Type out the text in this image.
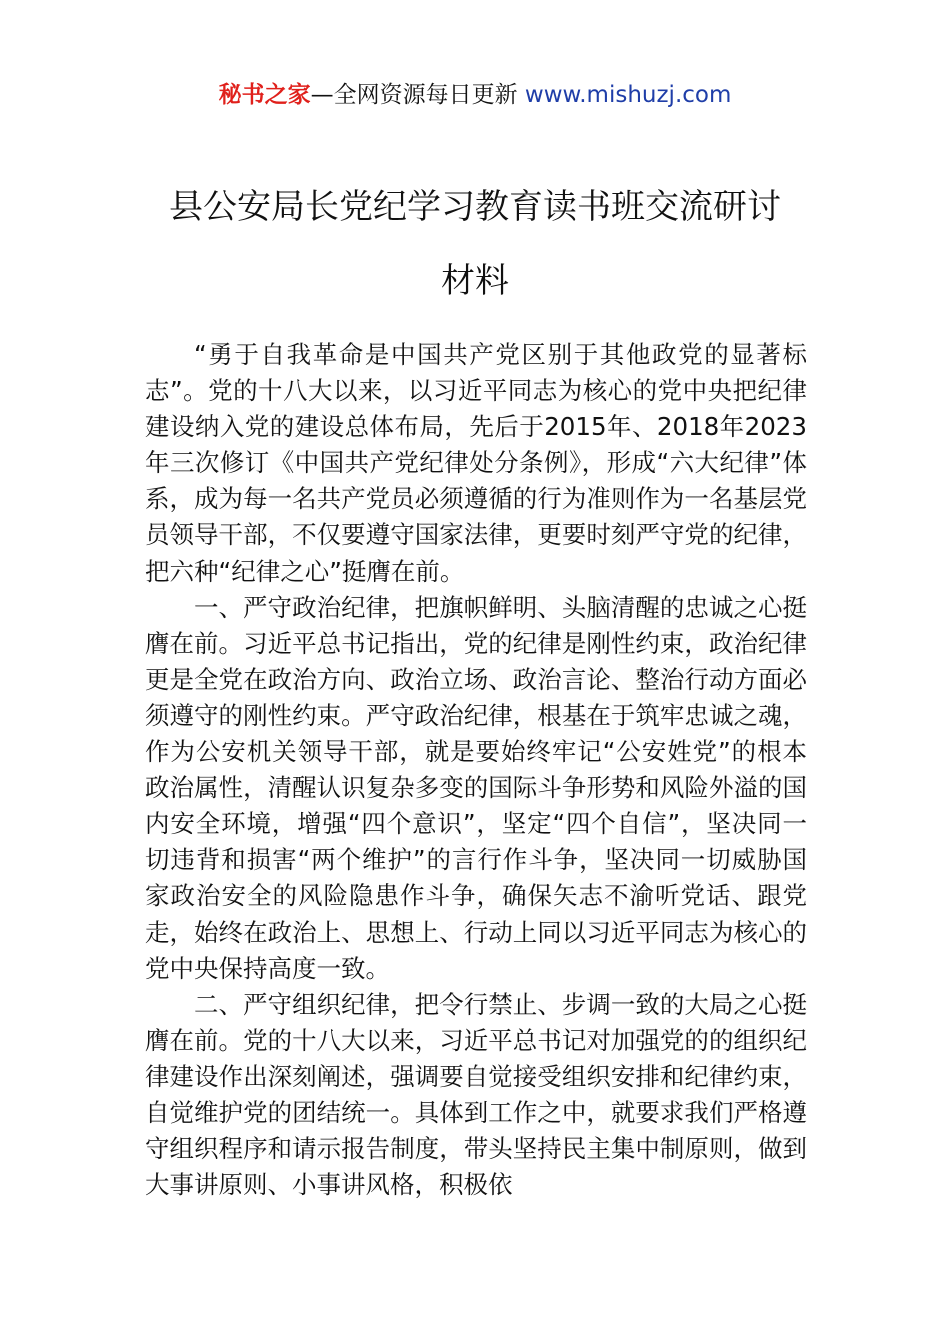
秘书之家—全网资源每日更新 www.mishuzj.com
县公安局长党纪学习教育读书班交流研讨
材料

“勇于自我革命是中国共产党区别于其他政党的显著标志”。党的十八大以来，以习近平同志为核心的党中央把纪律建设纳入党的建设总体布局，先后于2015年、2018年2023年三次修订《中国共产党纪律处分条例》，形成“六大纪律”体系，成为每一名共产党员必须遵循的行为准则作为一名基层党员领导干部，不仅要遵守国家法律，更要时刻严守党的纪律，把六种“纪律之心”挺膺在前。

一、严守政治纪律，把旗帜鲜明、头脑清醒的忠诚之心挺膺在前。习近平总书记指出，党的纪律是刚性约束，政治纪律更是全党在政治方向、政治立场、政治言论、整治行动方面必须遵守的刚性约束。严守政治纪律，根基在于筑牢忠诚之魂，作为公安机关领导干部，就是要始终牢记“公安姓党”的根本政治属性，清醒认识复杂多变的国际斗争形势和风险外溢的国内安全环境，增强“四个意识”，坚定“四个自信”，坚决同一切违背和损害“两个维护”的言行作斗争，坚决同一切威胁国家政治安全的风险隐患作斗争，确保矢志不渝听党话、跟党走，始终在政治上、思想上、行动上同以习近平同志为核心的党中央保持高度一致。

二、严守组织纪律，把令行禁止、步调一致的大局之心挺膺在前。党的十八大以来，习近平总书记对加强党的的组织纪律建设作出深刻阐述，强调要自觉接受组织安排和纪律约束，自觉维护党的团结统一。具体到工作之中，就要求我们严格遵守组织程序和请示报告制度，带头坚持民主集中制原则，做到大事讲原则、小事讲风格，积极依
